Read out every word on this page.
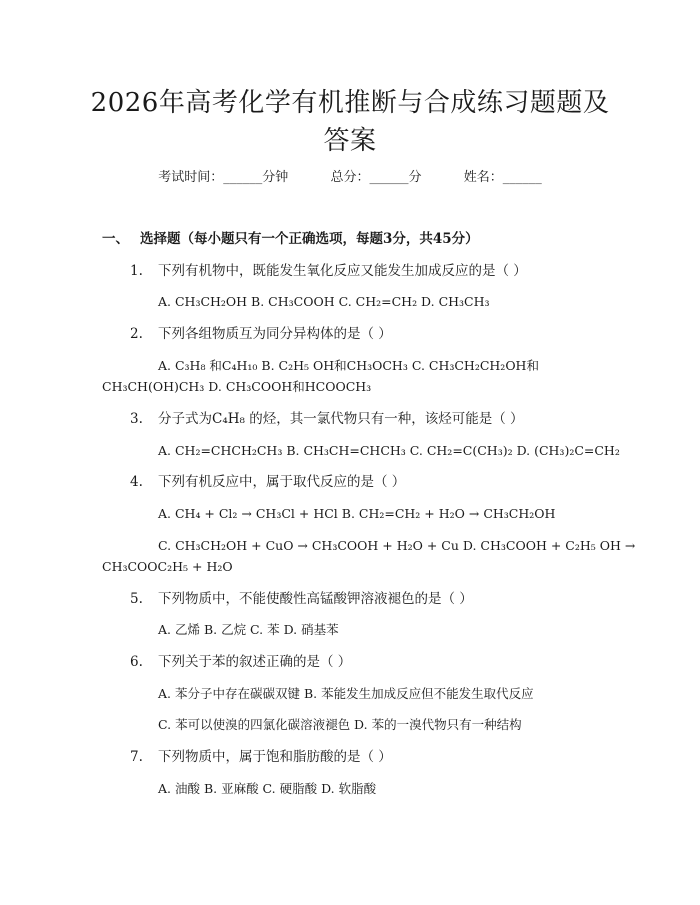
2026年高考化学有机推断与合成练习题题及
答案
考试时间：______分钟	总分：______分	姓名：______
一、 选择题（每小题只有一个正确选项，每题3分，共45分）
1. 下列有机物中，既能发生氧化反应又能发生加成反应的是（ ）
A. CH₃CH₂OH B. CH₃COOH C. CH₂=CH₂ D. CH₃CH₃
2. 下列各组物质互为同分异构体的是（ ）
A. C₃H₈ 和C₄H₁₀ B. C₂H₅ OH和CH₃OCH₃ C. CH₃CH₂CH₂OH和
CH₃CH(OH)CH₃ D. CH₃COOH和HCOOCH₃
3. 分子式为C₄H₈ 的烃，其一氯代物只有一种，该烃可能是（ ）
A. CH₂=CHCH₂CH₃ B. CH₃CH=CHCH₃ C. CH₂=C(CH₃)₂ D. (CH₃)₂C=CH₂
4. 下列有机反应中，属于取代反应的是（ ）
A. CH₄ + Cl₂ → CH₃Cl + HCl B. CH₂=CH₂ + H₂O → CH₃CH₂OH
C. CH₃CH₂OH + CuO → CH₃COOH + H₂O + Cu D. CH₃COOH + C₂H₅ OH →
CH₃COOC₂H₅ + H₂O
5. 下列物质中，不能使酸性高锰酸钾溶液褪色的是（ ）
A. 乙烯 B. 乙烷 C. 苯 D. 硝基苯
6. 下列关于苯的叙述正确的是（ ）
A. 苯分子中存在碳碳双键 B. 苯能发生加成反应但不能发生取代反应
C. 苯可以使溴的四氯化碳溶液褪色 D. 苯的一溴代物只有一种结构
7. 下列物质中，属于饱和脂肪酸的是（ ）
A. 油酸 B. 亚麻酸 C. 硬脂酸 D. 软脂酸
